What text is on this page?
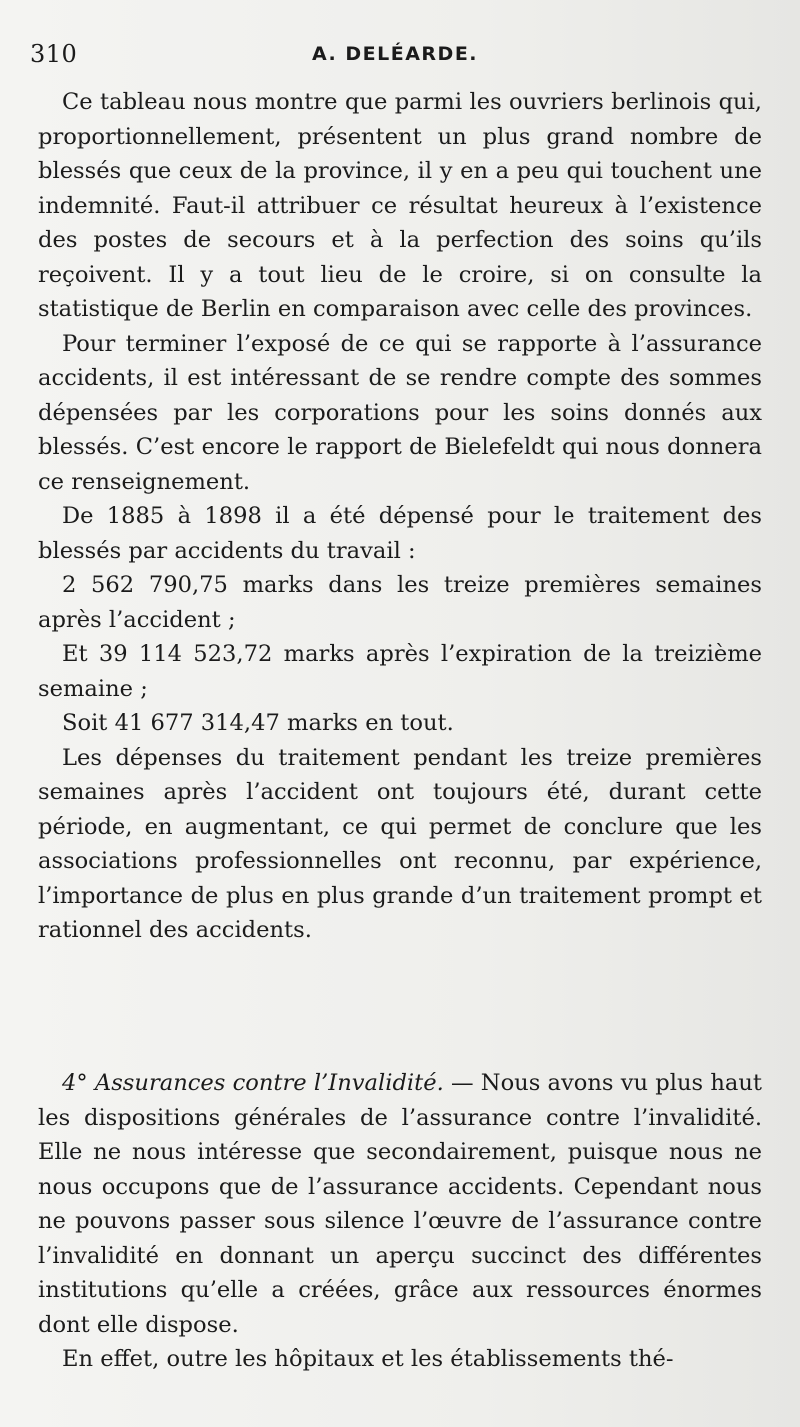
310	A. DELÉARDE.

Ce tableau nous montre que parmi les ouvriers berlinois qui, proportionnellement, présentent un plus grand nombre de blessés que ceux de la province, il y en a peu qui touchent une indemnité. Faut-il attribuer ce résultat heureux à l’existence des postes de secours et à la perfection des soins qu’ils reçoivent. Il y a tout lieu de le croire, si on consulte la statistique de Berlin en comparaison avec celle des provinces.

Pour terminer l’exposé de ce qui se rapporte à l’assurance accidents, il est intéressant de se rendre compte des sommes dépensées par les corporations pour les soins donnés aux blessés. C’est encore le rapport de Bielefeldt qui nous donnera ce renseignement.

De 1885 à 1898 il a été dépensé pour le traitement des blessés par accidents du travail :

2 562 790,75 marks dans les treize premières semaines après l’accident ;

Et 39 114 523,72 marks après l’expiration de la treizième semaine ;

Soit 41 677 314,47 marks en tout.

Les dépenses du traitement pendant les treize premières semaines après l’accident ont toujours été, durant cette période, en augmentant, ce qui permet de conclure que les associations professionnelles ont reconnu, par expérience, l’importance de plus en plus grande d’un traitement prompt et rationnel des accidents.

4° Assurances contre l’Invalidité. — Nous avons vu plus haut les dispositions générales de l’assurance contre l’invalidité. Elle ne nous intéresse que secondairement, puisque nous ne nous occupons que de l’assurance accidents. Cependant nous ne pouvons passer sous silence l’œuvre de l’assurance contre l’invalidité en donnant un aperçu succinct des différentes institutions qu’elle a créées, grâce aux ressources énormes dont elle dispose.

En effet, outre les hôpitaux et les établissements thé-
